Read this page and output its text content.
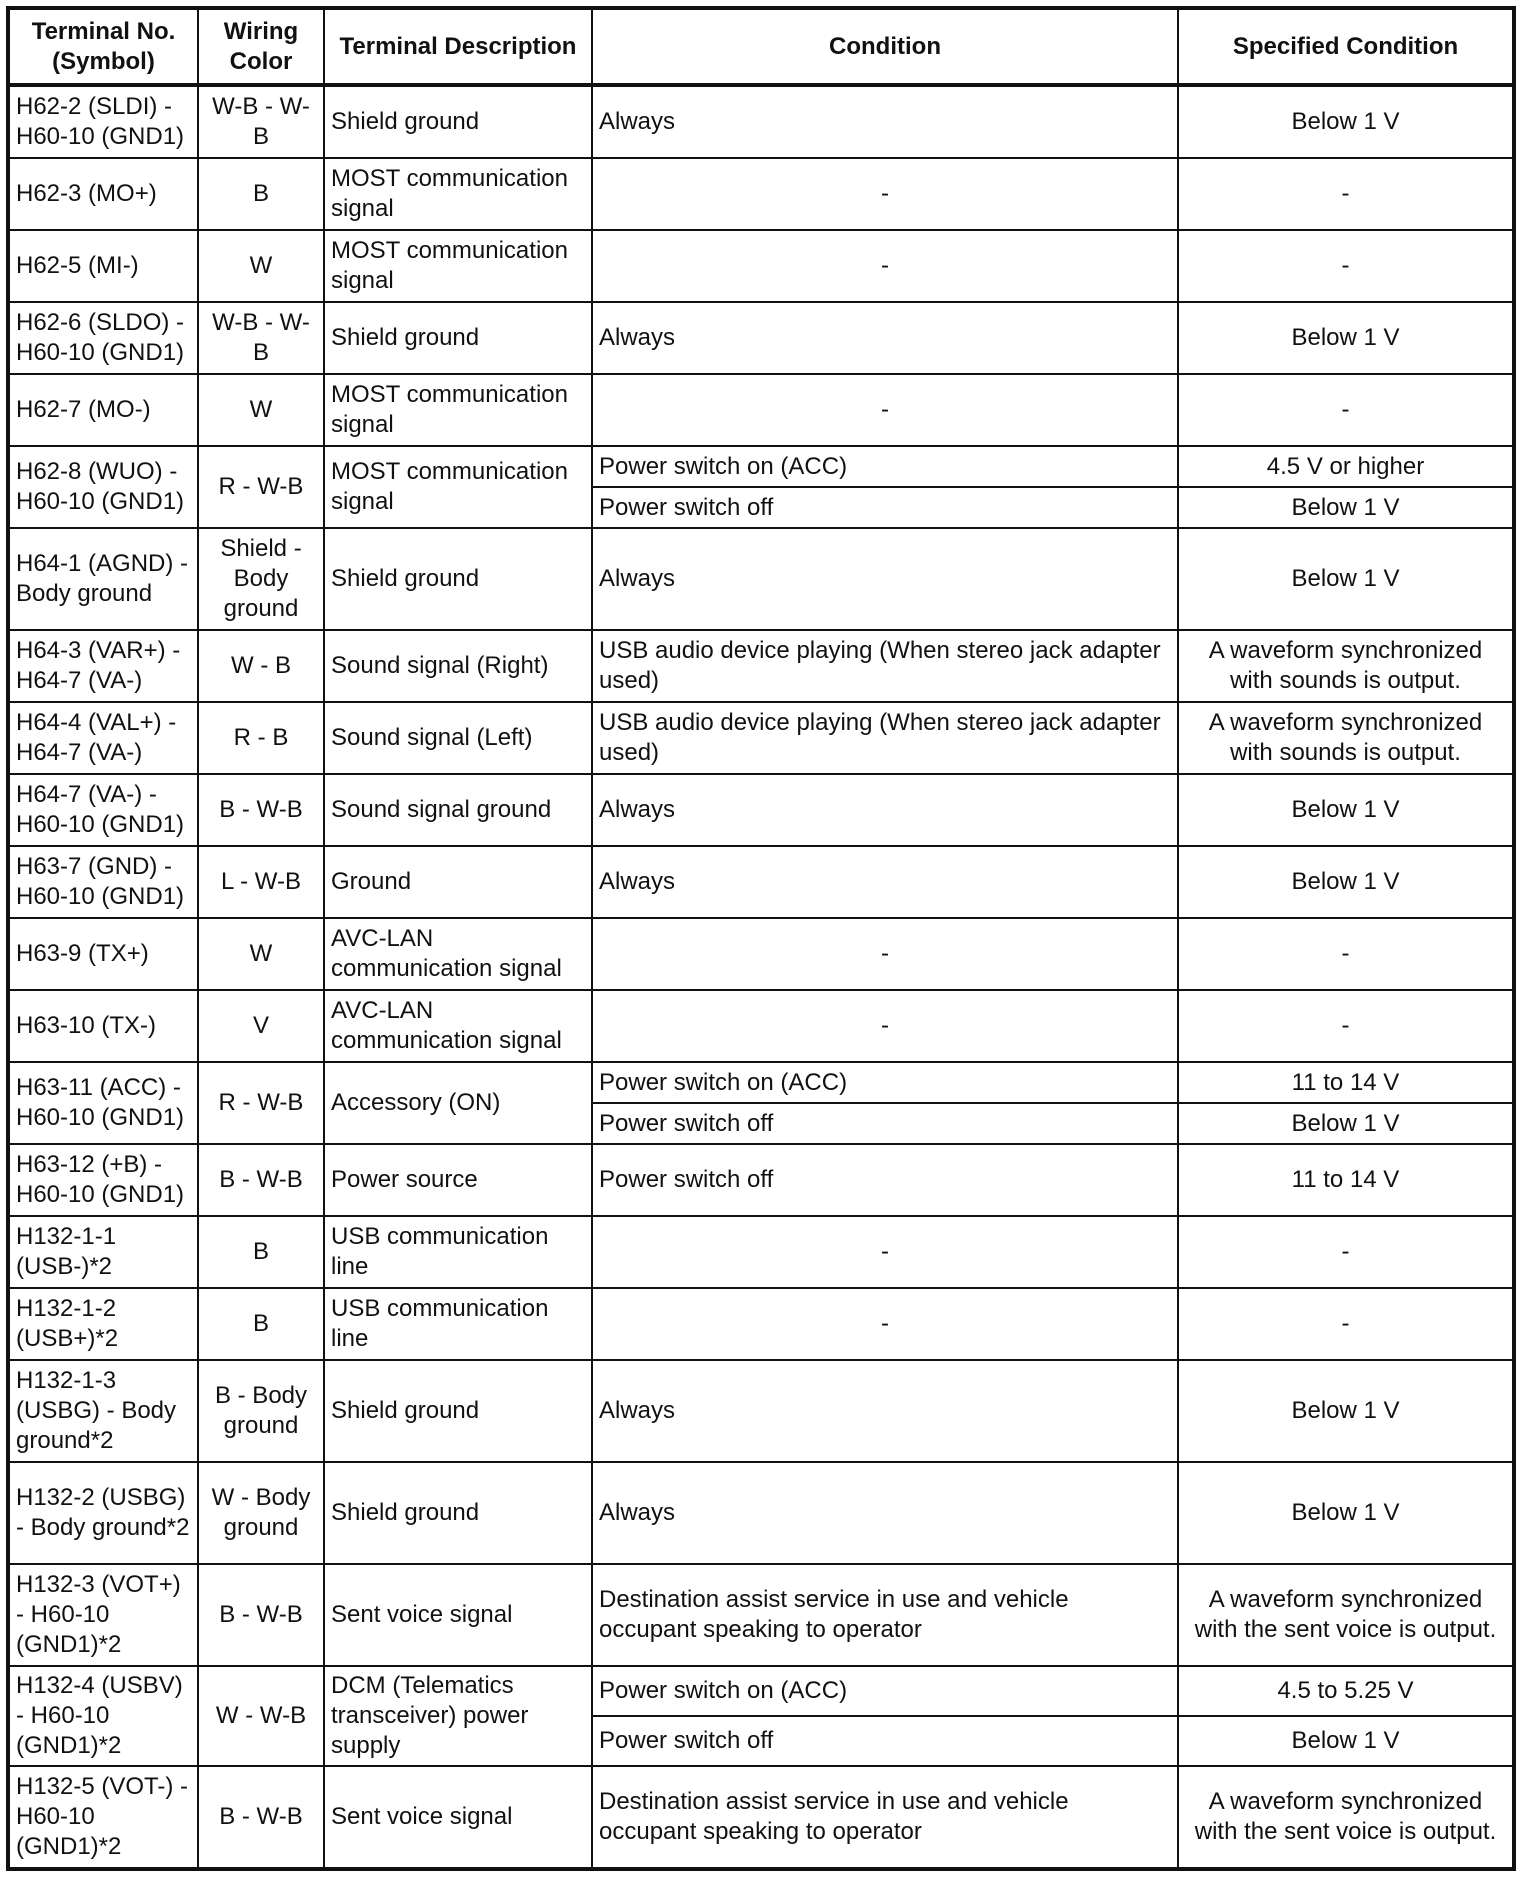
Terminal No. (Symbol)	Wiring Color	Terminal Description	Condition	Specified Condition
H62-2 (SLDI) - H60-10 (GND1)	W-B - W-B	Shield ground	Always	Below 1 V
H62-3 (MO+)	B	MOST communication signal	-	-
H62-5 (MI-)	W	MOST communication signal	-	-
H62-6 (SLDO) - H60-10 (GND1)	W-B - W-B	Shield ground	Always	Below 1 V
H62-7 (MO-)	W	MOST communication signal	-	-
H62-8 (WUO) - H60-10 (GND1)	R - W-B	MOST communication signal	Power switch on (ACC)	4.5 V or higher
			Power switch off	Below 1 V
H64-1 (AGND) - Body ground	Shield - Body ground	Shield ground	Always	Below 1 V
H64-3 (VAR+) - H64-7 (VA-)	W - B	Sound signal (Right)	USB audio device playing (When stereo jack adapter used)	A waveform synchronized with sounds is output.
H64-4 (VAL+) - H64-7 (VA-)	R - B	Sound signal (Left)	USB audio device playing (When stereo jack adapter used)	A waveform synchronized with sounds is output.
H64-7 (VA-) - H60-10 (GND1)	B - W-B	Sound signal ground	Always	Below 1 V
H63-7 (GND) - H60-10 (GND1)	L - W-B	Ground	Always	Below 1 V
H63-9 (TX+)	W	AVC-LAN communication signal	-	-
H63-10 (TX-)	V	AVC-LAN communication signal	-	-
H63-11 (ACC) - H60-10 (GND1)	R - W-B	Accessory (ON)	Power switch on (ACC)	11 to 14 V
			Power switch off	Below 1 V
H63-12 (+B) - H60-10 (GND1)	B - W-B	Power source	Power switch off	11 to 14 V
H132-1-1 (USB-)*2	B	USB communication line	-	-
H132-1-2 (USB+)*2	B	USB communication line	-	-
H132-1-3 (USBG) - Body ground*2	B - Body ground	Shield ground	Always	Below 1 V
H132-2 (USBG) - Body ground*2	W - Body ground	Shield ground	Always	Below 1 V
H132-3 (VOT+) - H60-10 (GND1)*2	B - W-B	Sent voice signal	Destination assist service in use and vehicle occupant speaking to operator	A waveform synchronized with the sent voice is output.
H132-4 (USBV) - H60-10 (GND1)*2	W - W-B	DCM (Telematics transceiver) power supply	Power switch on (ACC)	4.5 to 5.25 V
			Power switch off	Below 1 V
H132-5 (VOT-) - H60-10 (GND1)*2	B - W-B	Sent voice signal	Destination assist service in use and vehicle occupant speaking to operator	A waveform synchronized with the sent voice is output.
